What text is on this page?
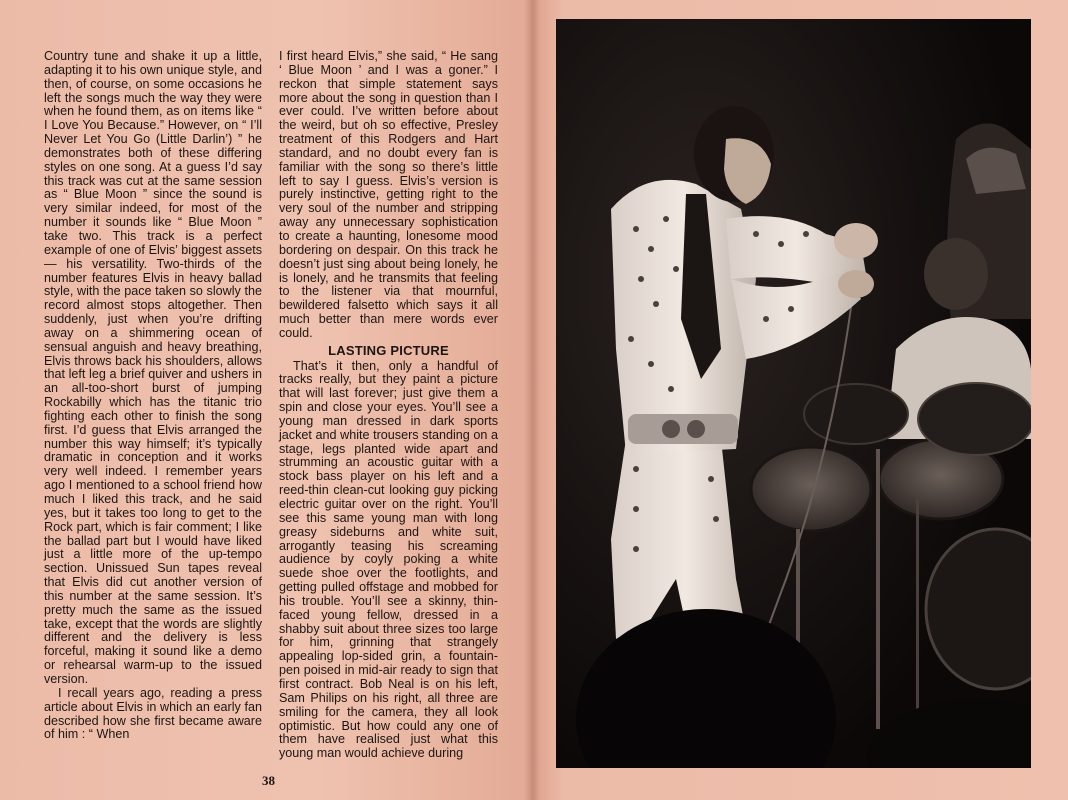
Country tune and shake it up a little, adapting it to his own unique style, and then, of course, on some occasions he left the songs much the way they were when he found them, as on items like “ I Love You Because.” However, on “ I’ll Never Let You Go (Little Darlin’) ” he demonstrates both of these differing styles on one song. At a guess I’d say this track was cut at the same session as “ Blue Moon ” since the sound is very similar indeed, for most of the number it sounds like “ Blue Moon ” take two. This track is a perfect example of one of Elvis’ biggest assets — his versatility. Two-thirds of the number features Elvis in heavy ballad style, with the pace taken so slowly the record almost stops altogether. Then suddenly, just when you’re drifting away on a shimmering ocean of sensual anguish and heavy breathing, Elvis throws back his shoulders, allows that left leg a brief quiver and ushers in an all-too-short burst of jumping Rockabilly which has the titanic trio fighting each other to finish the song first. I’d guess that Elvis arranged the number this way himself; it’s typically dramatic in conception and it works very well indeed. I remember years ago I mentioned to a school friend how much I liked this track, and he said yes, but it takes too long to get to the Rock part, which is fair comment; I like the ballad part but I would have liked just a little more of the up-tempo section. Unissued Sun tapes reveal that Elvis did cut another version of this number at the same session. It’s pretty much the same as the issued take, except that the words are slightly different and the delivery is less forceful, making it sound like a demo or rehearsal warm-up to the issued version.

I recall years ago, reading a press article about Elvis in which an early fan described how she first became aware of him : “ When

I first heard Elvis,” she said, “ He sang ‘ Blue Moon ’ and I was a goner.” I reckon that simple statement says more about the song in question than I ever could. I’ve written before about the weird, but oh so effective, Presley treatment of this Rodgers and Hart standard, and no doubt every fan is familiar with the song so there’s little left to say I guess. Elvis’s version is purely instinctive, getting right to the very soul of the number and stripping away any unnecessary sophistication to create a haunting, lonesome mood bordering on despair. On this track he doesn’t just sing about being lonely, he is lonely, and he transmits that feeling to the listener via that mournful, bewildered falsetto which says it all much better than mere words ever could.

LASTING PICTURE

That’s it then, only a handful of tracks really, but they paint a picture that will last forever; just give them a spin and close your eyes. You’ll see a young man dressed in dark sports jacket and white trousers standing on a stage, legs planted wide apart and strumming an acoustic guitar with a stock bass player on his left and a reed-thin clean-cut looking guy picking electric guitar over on the right. You’ll see this same young man with long greasy sideburns and white suit, arrogantly teasing his screaming audience by coyly poking a white suede shoe over the footlights, and getting pulled offstage and mobbed for his trouble. You’ll see a skinny, thin-faced young fellow, dressed in a shabby suit about three sizes too large for him, grinning that strangely appealing lop-sided grin, a fountain-pen poised in mid-air ready to sign that first contract. Bob Neal is on his left, Sam Philips on his right, all three are smiling for the camera, they all look optimistic. But how could any one of them have realised just what this young man would achieve during

38
